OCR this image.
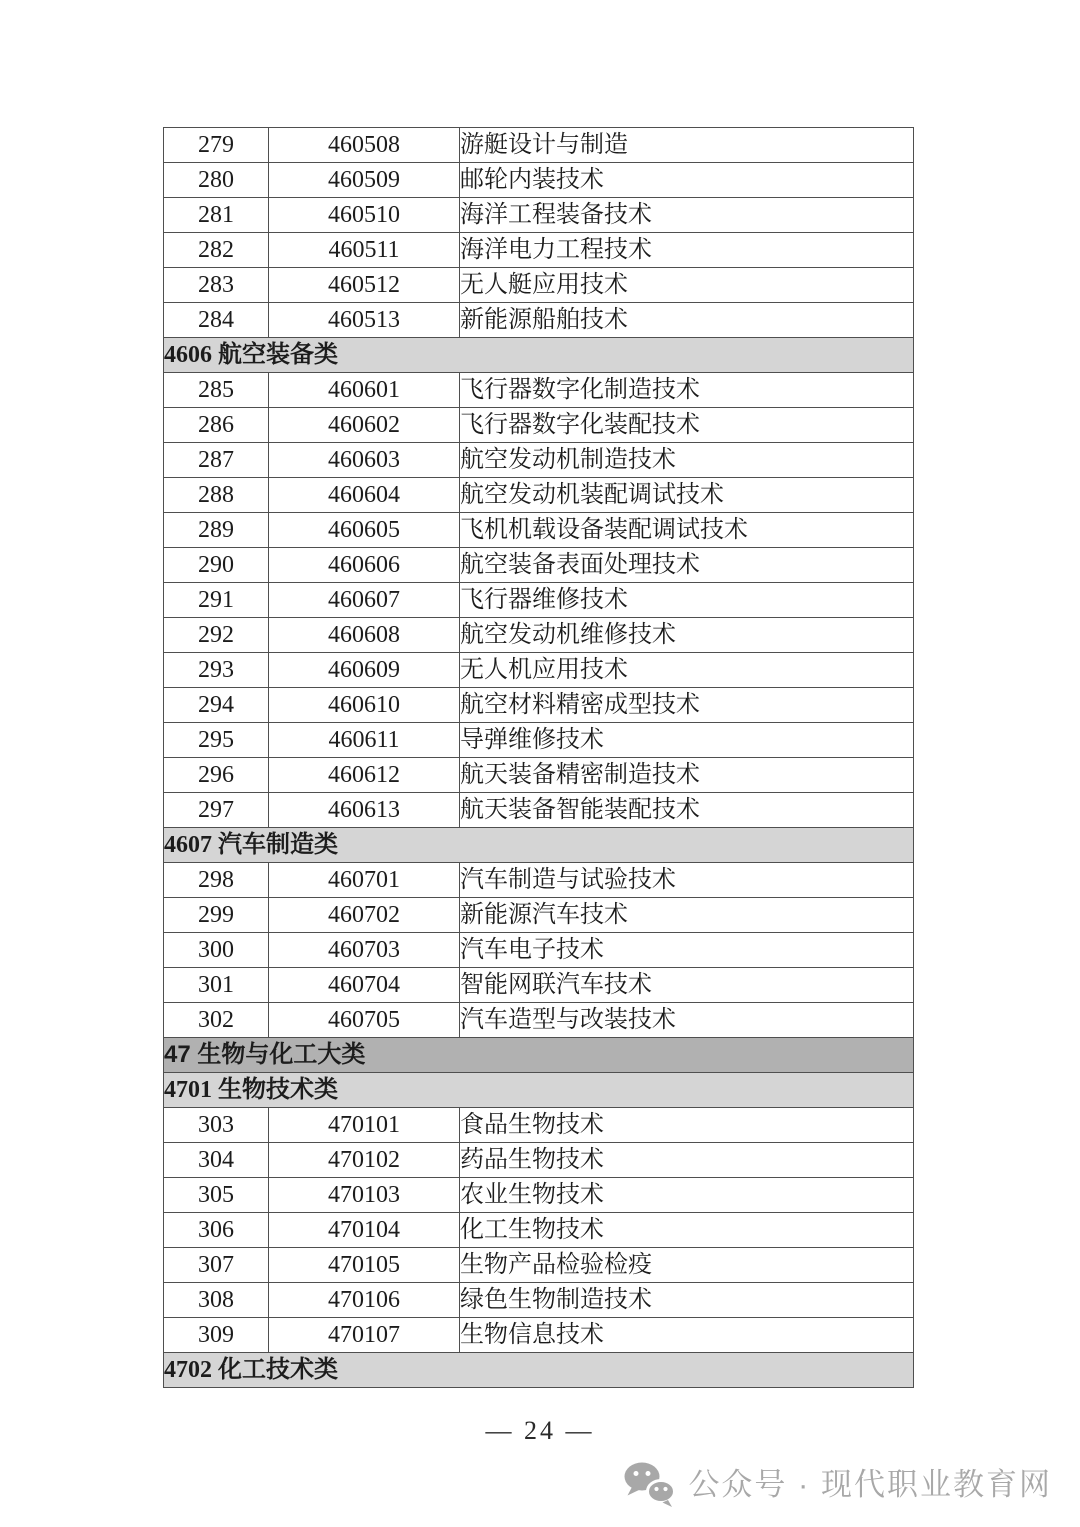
279	460508	游艇设计与制造
280	460509	邮轮内装技术
281	460510	海洋工程装备技术
282	460511	海洋电力工程技术
283	460512	无人艇应用技术
284	460513	新能源船舶技术
4606 航空装备类		
285	460601	飞行器数字化制造技术
286	460602	飞行器数字化装配技术
287	460603	航空发动机制造技术
288	460604	航空发动机装配调试技术
289	460605	飞机机载设备装配调试技术
290	460606	航空装备表面处理技术
291	460607	飞行器维修技术
292	460608	航空发动机维修技术
293	460609	无人机应用技术
294	460610	航空材料精密成型技术
295	460611	导弹维修技术
296	460612	航天装备精密制造技术
297	460613	航天装备智能装配技术
4607 汽车制造类		
298	460701	汽车制造与试验技术
299	460702	新能源汽车技术
300	460703	汽车电子技术
301	460704	智能网联汽车技术
302	460705	汽车造型与改装技术
47 生物与化工大类		
4701 生物技术类		
303	470101	食品生物技术
304	470102	药品生物技术
305	470103	农业生物技术
306	470104	化工生物技术
307	470105	生物产品检验检疫
308	470106	绿色生物制造技术
309	470107	生物信息技术
4702 化工技术类		
— 24 —
公众号 · 现代职业教育网
